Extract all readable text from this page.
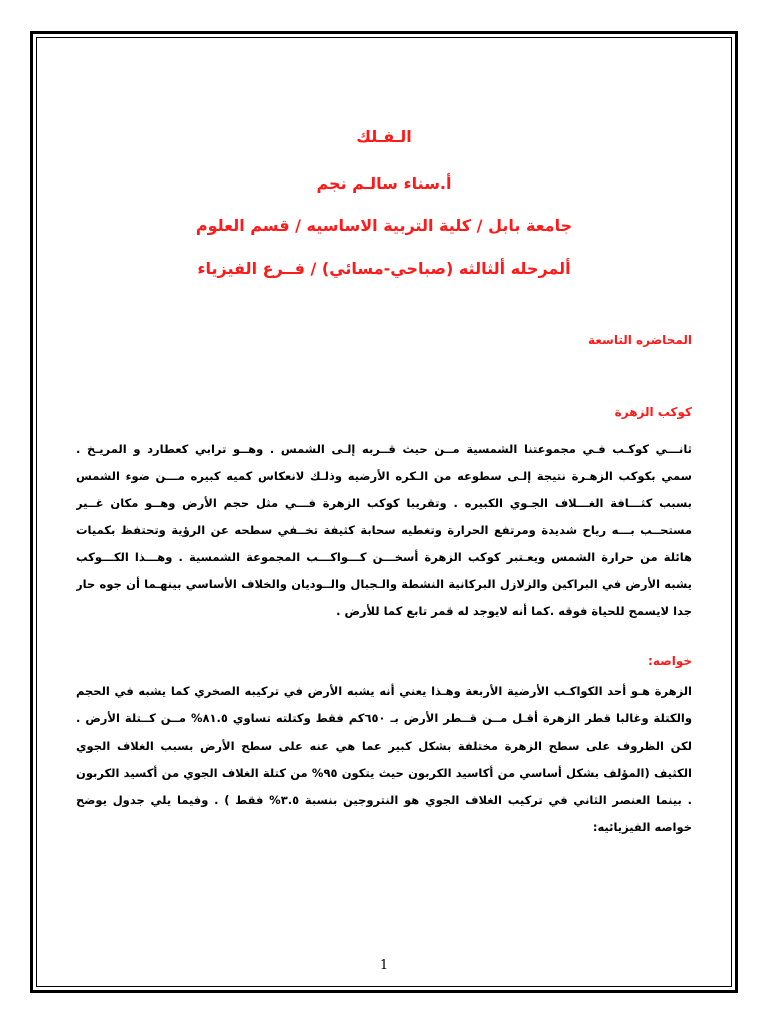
الـفـلك
أ.سناء سالـم نجم
جامعة بابل / كلية التربية الاساسيه / قسم العلوم
ألمرحله ألثالثه (صباحي-مسائي) / فــرع الفيزياء
المحاضره التاسعة
كوكب الزهرة
ثانـــي كوكـب فـي مجموعتنا الشمسية مــن حيث قــربه إلـى الشمس . وهــو ترابي كعطارد و المريـخ .
سمي بكوكب الزهـرة نتيجة إلـى سطوعه من الـكره الأرضيه وذلـك لانعكاس كميه كبيره مـــن ضوء الشمس
بسبب كثـــافة الغـــلاف الجـوي الكبيره . وتقريبا كوكب الزهرة فـــي مثل حجم الأرض وهــو مكان غــير
مستحــب بـــه رياح شديدة ومرتفع الحرارة وتغطيه سحابة كثيفة تخــفي سطحه عن الرؤية وتحتفظ بكميات
هائلة من حرارة الشمس ويعـتبر كوكب الزهرة أسخـــن كـــواكـــب المجموعة الشمسية . وهـــذا الكـــوكب
يشبه الأرض في البراكين والزلازل البركانية النشطة والـجبال والــوديان والخلاف الأساسي بينهـما أن جوه حار
جدا لايسمح للحياة فوقه .كما أنه لايوجد له قمر تابع كما للأرض .
خواصه:
الزهرة هـو أحد الكواكـب الأرضية الأربعة وهـذا يعني أنه يشبه الأرض في تركيبه الصخري كما يشبه في الحجم
والكتلة وغالبا قطر الزهرة أقـل مــن قــطر الأرض بـ ٦٥٠كم فقط وكتلته تساوي ٨١.٥% مــن كــتلة الأرض .
لكن الظروف على سطح الزهرة مختلفة بشكل كبير عما هي عنه على سطح الأرض بسبب الغلاف الجوي
الكثيف (المؤلف بشكل أساسي من أكاسيد الكربون حيث يتكون ٩٥% من كتلة الغلاف الجوي من أكسيد الكربون
. بينما العنصر الثاني في تركيب الغلاف الجوي هو النتروجين بنسبة ٣.٥% فقط ) . وفيما يلي جدول يوضح
خواصه الفيزيائيه:
1
